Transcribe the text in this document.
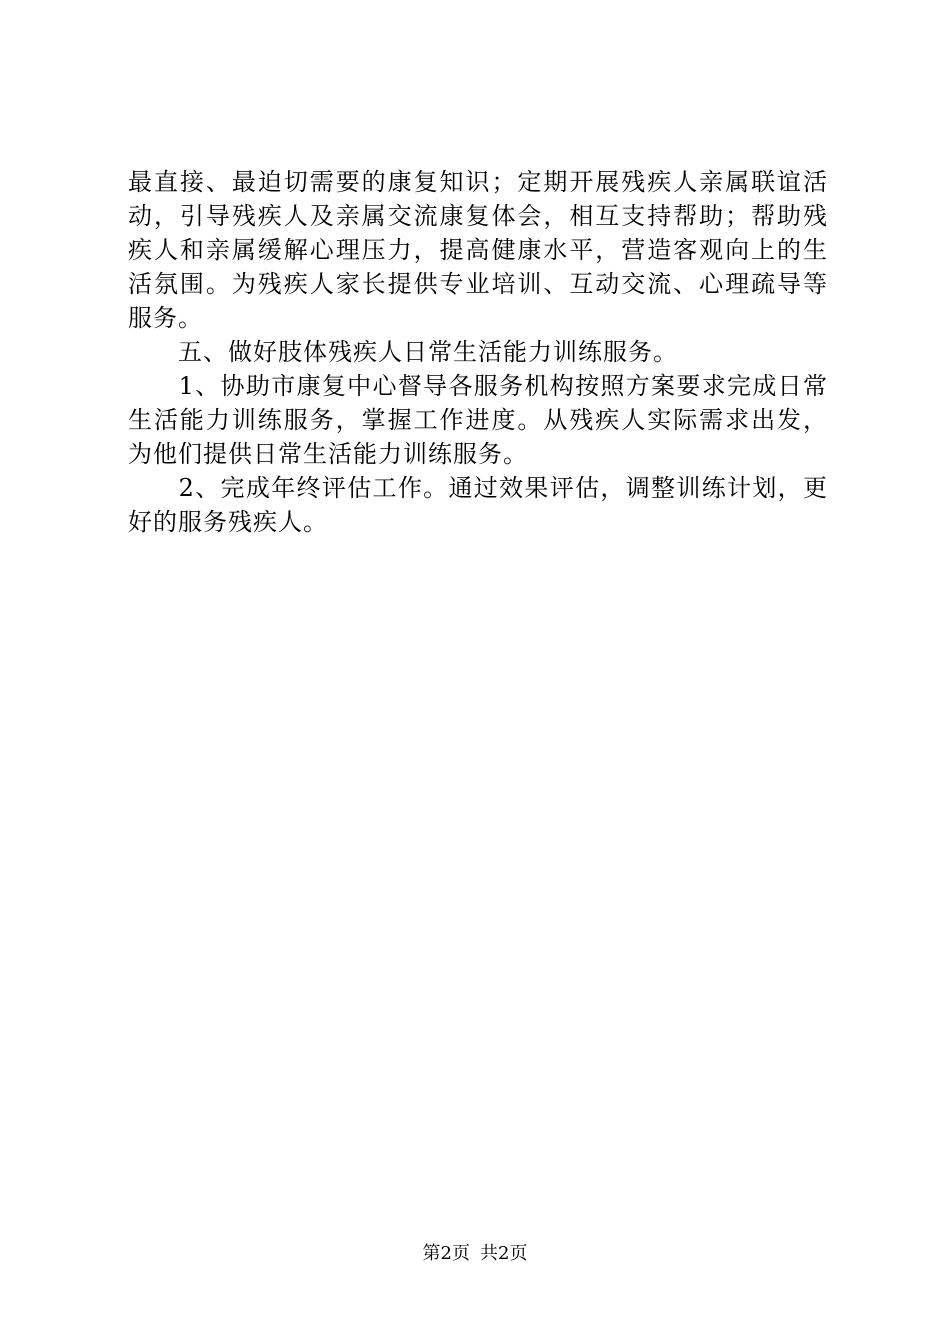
最直接、最迫切需要的康复知识；定期开展残疾人亲属联谊活
动，引导残疾人及亲属交流康复体会，相互支持帮助；帮助残
疾人和亲属缓解心理压力，提高健康水平，营造客观向上的生
活氛围。为残疾人家长提供专业培训、互动交流、心理疏导等
服务。
　　五、做好肢体残疾人日常生活能力训练服务。
　　1、协助市康复中心督导各服务机构按照方案要求完成日常
生活能力训练服务，掌握工作进度。从残疾人实际需求出发，
为他们提供日常生活能力训练服务。
　　2、完成年终评估工作。通过效果评估，调整训练计划，更
好的服务残疾人。
第2页 共2页
